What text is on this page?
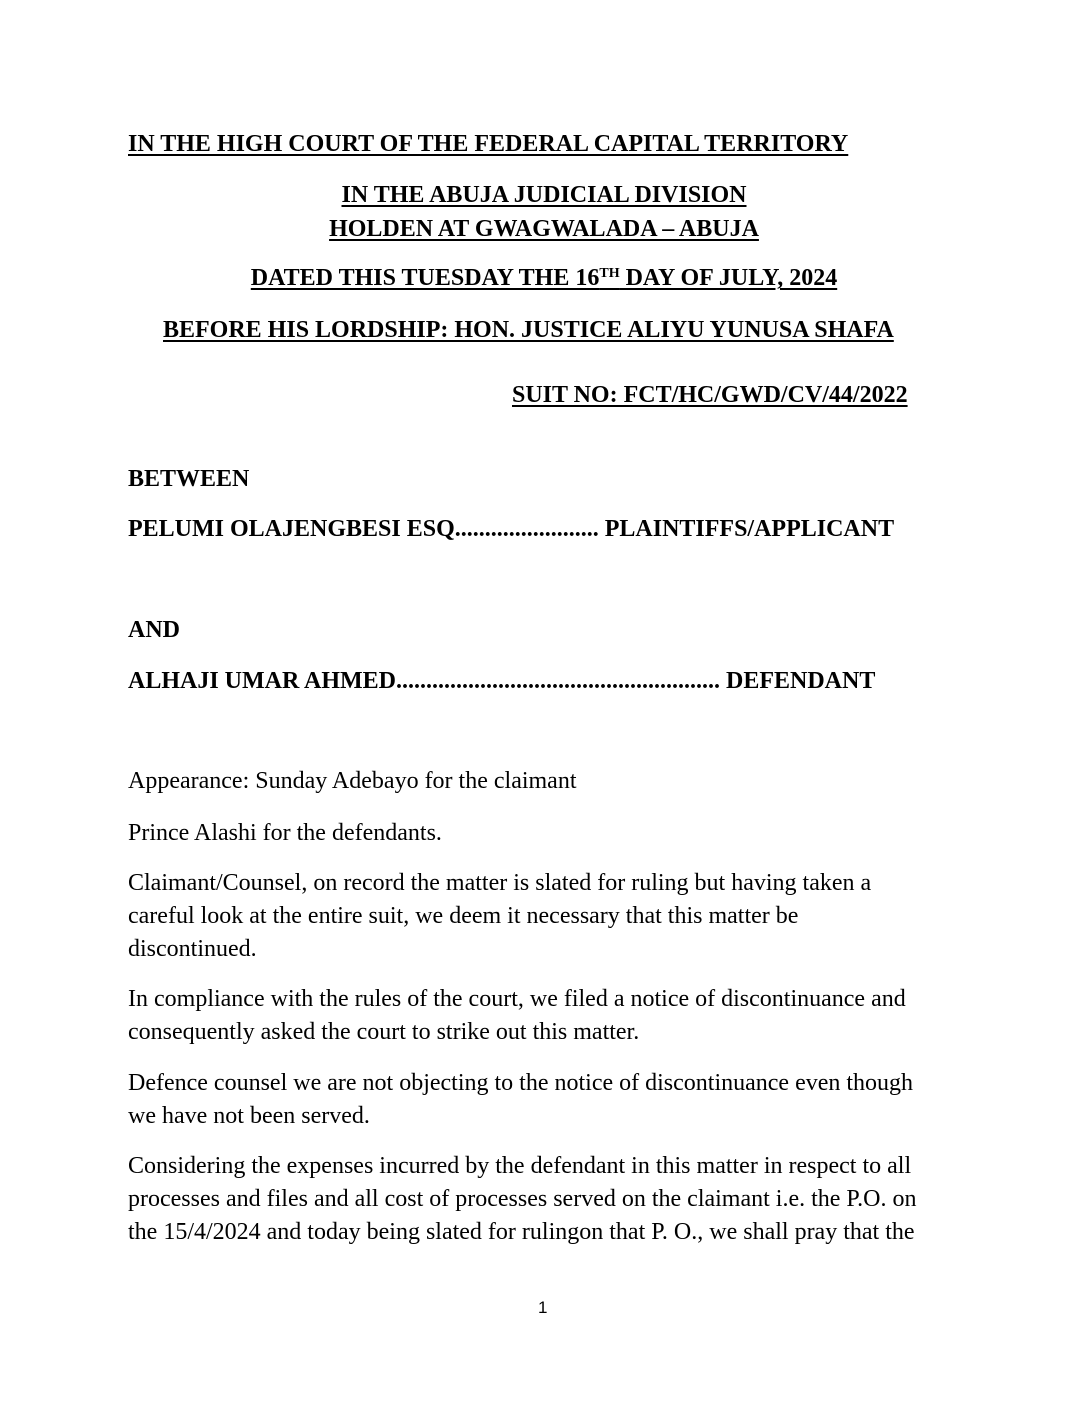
IN THE HIGH COURT OF THE FEDERAL CAPITAL TERRITORY
IN THE ABUJA JUDICIAL DIVISION
HOLDEN AT GWAGWALADA – ABUJA
DATED THIS TUESDAY THE 16TH DAY OF JULY, 2024
BEFORE HIS LORDSHIP: HON. JUSTICE ALIYU YUNUSA SHAFA
SUIT NO: FCT/HC/GWD/CV/44/2022
BETWEEN
PELUMI OLAJENGBESI ESQ........................ PLAINTIFFS/APPLICANT
AND
ALHAJI UMAR AHMED...................................................... DEFENDANT
Appearance: Sunday Adebayo for the claimant
Prince Alashi for the defendants.
Claimant/Counsel, on record the matter is slated for ruling but having taken a
careful look at the entire suit, we deem it necessary that this matter be
discontinued.
In compliance with the rules of the court, we filed a notice of discontinuance and
consequently asked the court to strike out this matter.
Defence counsel we are not objecting to the notice of discontinuance even though
we have not been served.
Considering the expenses incurred by the defendant in this matter in respect to all
processes and files and all cost of processes served on the claimant i.e. the P.O. on
the 15/4/2024 and today being slated for rulingon that P. O., we shall pray that the
1
